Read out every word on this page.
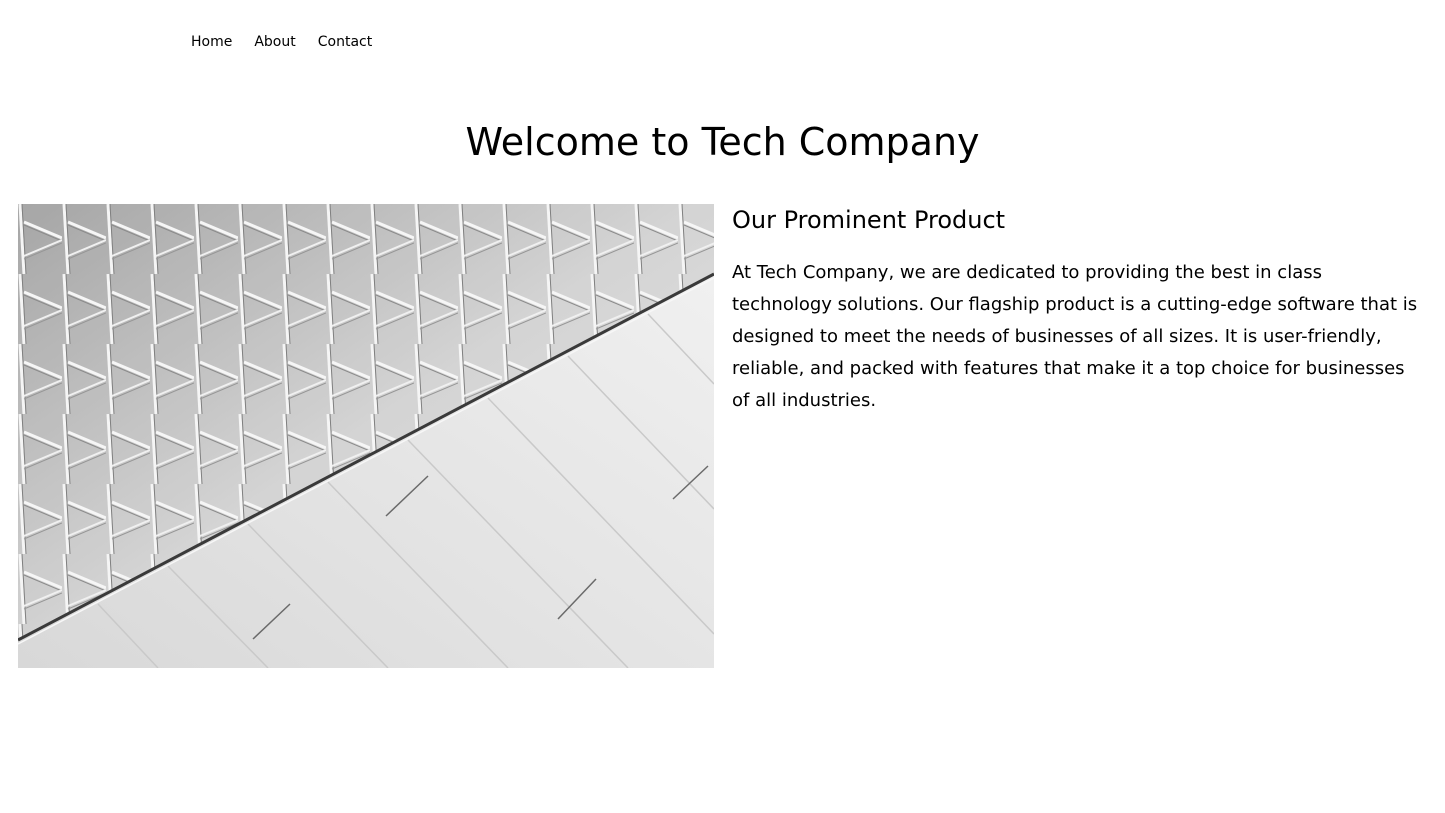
Home	About	Contact
Welcome to Tech Company
Our Prominent Product

At Tech Company, we are dedicated to providing the best in class technology solutions. Our flagship product is a cutting-edge software that is designed to meet the needs of businesses of all sizes. It is user-friendly, reliable, and packed with features that make it a top choice for businesses of all industries.
